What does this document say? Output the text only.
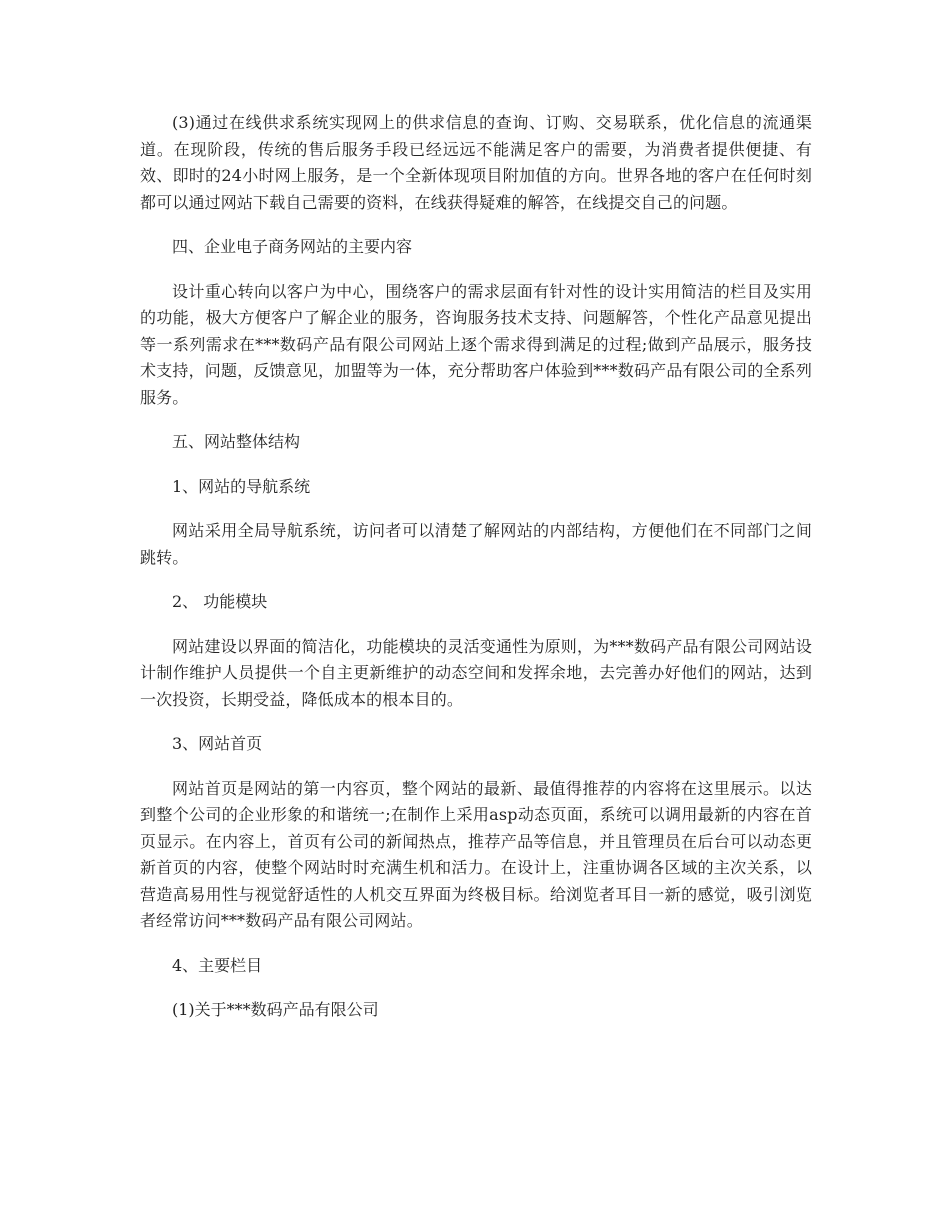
(3)通过在线供求系统实现网上的供求信息的查询、订购、交易联系，优化信息的流通渠道。在现阶段，传统的售后服务手段已经远远不能满足客户的需要，为消费者提供便捷、有效、即时的24小时网上服务，是一个全新体现项目附加值的方向。世界各地的客户在任何时刻都可以通过网站下载自己需要的资料，在线获得疑难的解答，在线提交自己的问题。

四、企业电子商务网站的主要内容

设计重心转向以客户为中心，围绕客户的需求层面有针对性的设计实用简洁的栏目及实用的功能，极大方便客户了解企业的服务，咨询服务技术支持、问题解答，个性化产品意见提出等一系列需求在***数码产品有限公司网站上逐个需求得到满足的过程;做到产品展示，服务技术支持，问题，反馈意见，加盟等为一体，充分帮助客户体验到***数码产品有限公司的全系列服务。

五、网站整体结构

1、网站的导航系统

网站采用全局导航系统，访问者可以清楚了解网站的内部结构，方便他们在不同部门之间跳转。

2、 功能模块

网站建设以界面的简洁化，功能模块的灵活变通性为原则，为***数码产品有限公司网站设计制作维护人员提供一个自主更新维护的动态空间和发挥余地，去完善办好他们的网站，达到一次投资，长期受益，降低成本的根本目的。

3、网站首页

网站首页是网站的第一内容页，整个网站的最新、最值得推荐的内容将在这里展示。以达到整个公司的企业形象的和谐统一;在制作上采用asp动态页面，系统可以调用最新的内容在首页显示。在内容上，首页有公司的新闻热点，推荐产品等信息，并且管理员在后台可以动态更新首页的内容，使整个网站时时充满生机和活力。在设计上，注重协调各区域的主次关系，以营造高易用性与视觉舒适性的人机交互界面为终极目标。给浏览者耳目一新的感觉，吸引浏览者经常访问***数码产品有限公司网站。

4、主要栏目

(1)关于***数码产品有限公司
